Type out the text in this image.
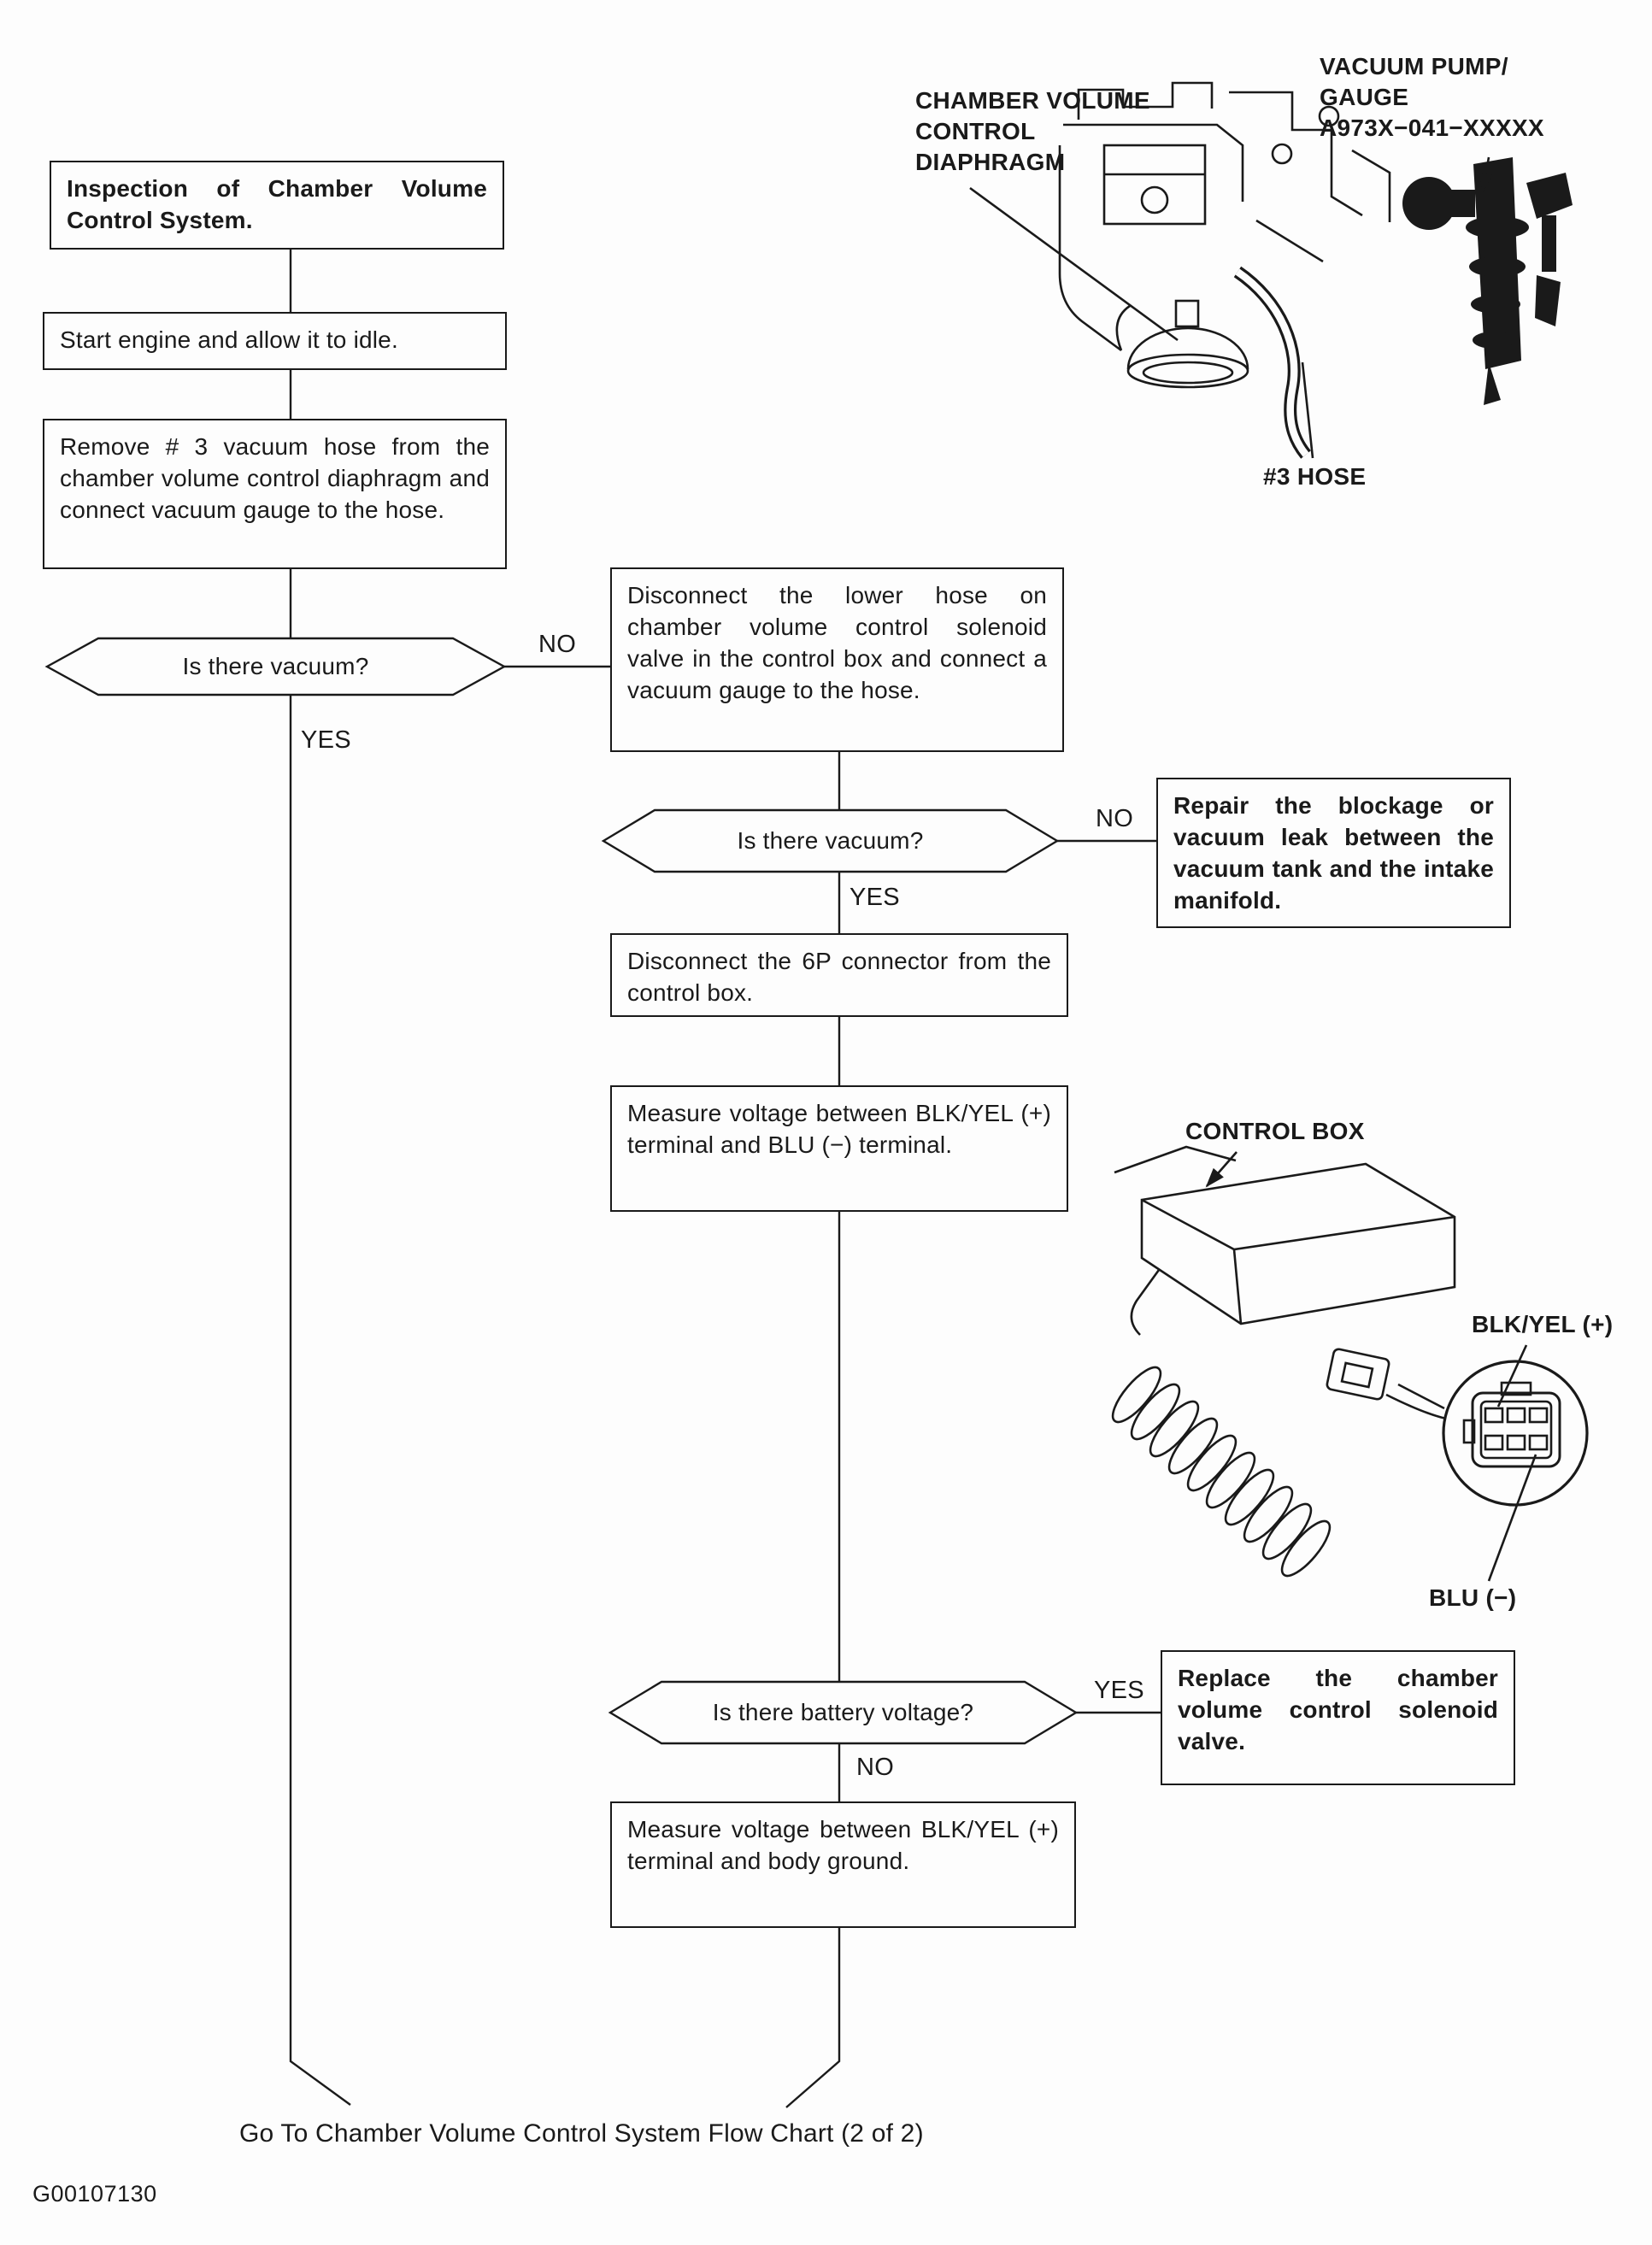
Inspection of Chamber Volume Control System.
Start engine and allow it to idle.
Remove # 3 vacuum hose from the chamber volume control diaphragm and connect vacuum gauge to the hose.
Disconnect the lower hose on chamber volume control solenoid valve in the control box and connect a vacuum gauge to the hose.
Repair the blockage or vacuum leak between the vacuum tank and the intake manifold.
Disconnect the 6P connector from the control box.
Measure voltage between BLK/YEL (+) terminal and BLU (−) terminal.
Replace the chamber volume control solenoid valve.
Measure voltage between BLK/YEL (+) terminal and body ground.
Is there vacuum?
Is there vacuum?
Is there battery voltage?
NO
YES
NO
YES
YES
NO
CHAMBER VOLUME
CONTROL
DIAPHRAGM
VACUUM PUMP/
GAUGE
A973X−041−XXXXX
#3 HOSE
CONTROL BOX
BLK/YEL (+)
BLU (−)
Go To Chamber Volume Control System Flow Chart (2 of 2)
G00107130
